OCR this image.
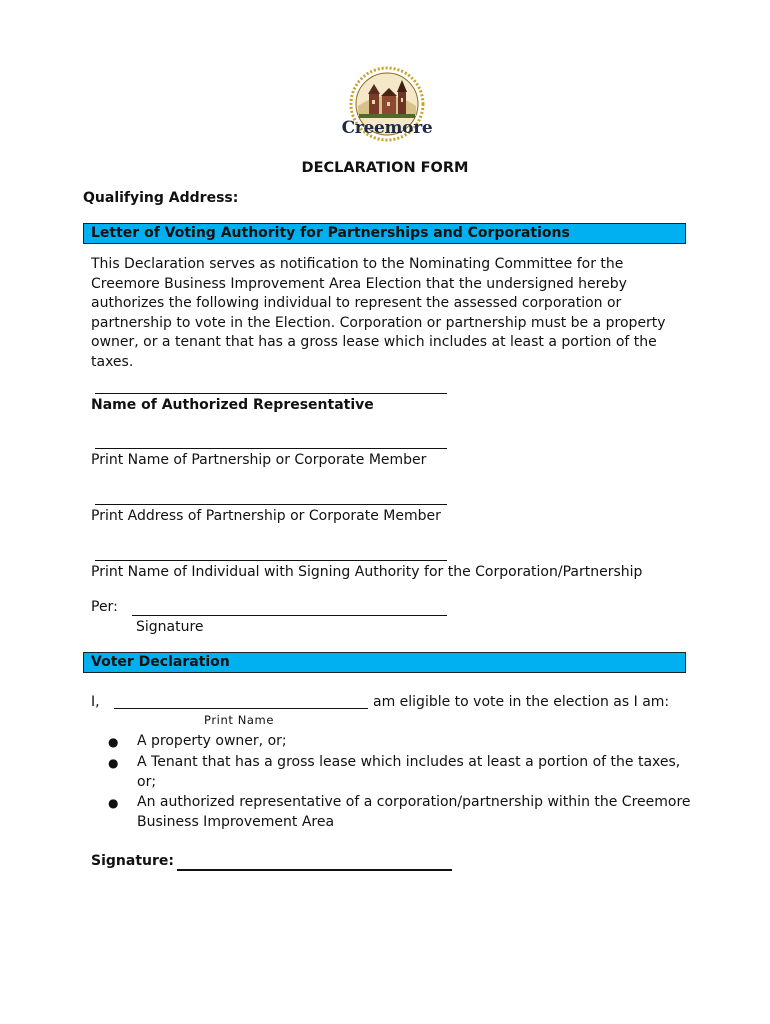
Creemore
DECLARATION FORM
Qualifying Address:
Letter of Voting Authority for Partnerships and Corporations
This Declaration serves as notification to the Nominating Committee for the Creemore Business Improvement Area Election that the undersigned hereby authorizes the following individual to represent the assessed corporation or partnership to vote in the Election. Corporation or partnership must be a property owner, or a tenant that has a gross lease which includes at least a portion of the taxes.
Name of Authorized Representative
Print Name of Partnership or Corporate Member
Print Address of Partnership or Corporate Member
Print Name of Individual with Signing Authority for the Corporation/Partnership
Per:
Signature
Voter Declaration
I,	am eligible to vote in the election as I am:
Print Name
●	A property owner, or;
●	A Tenant that has a gross lease which includes at least a portion of the taxes, or;
●	An authorized representative of a corporation/partnership within the Creemore Business Improvement Area
Signature:
